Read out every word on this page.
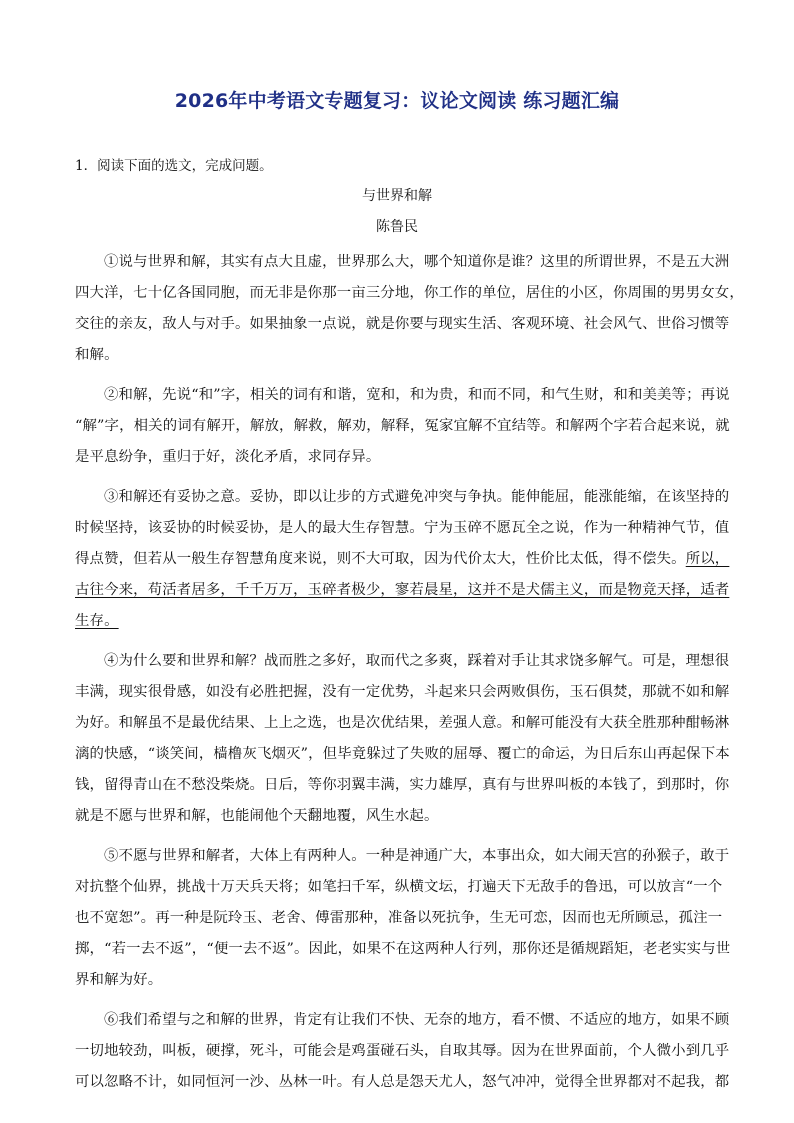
2026年中考语文专题复习：议论文阅读 练习题汇编
1．阅读下面的选文，完成问题。
与世界和解
陈鲁民
①说与世界和解，其实有点大且虚，世界那么大，哪个知道你是谁？这里的所谓世界，不是五大洲
四大洋，七十亿各国同胞，而无非是你那一亩三分地，你工作的单位，居住的小区，你周围的男男女女，
交往的亲友，敌人与对手。如果抽象一点说，就是你要与现实生活、客观环境、社会风气、世俗习惯等
和解。
②和解，先说“和”字，相关的词有和谐，宽和，和为贵，和而不同，和气生财，和和美美等；再说
“解”字，相关的词有解开，解放，解救，解劝，解释，冤家宜解不宜结等。和解两个字若合起来说，就
是平息纷争，重归于好，淡化矛盾，求同存异。
③和解还有妥协之意。妥协，即以让步的方式避免冲突与争执。能伸能屈，能涨能缩，在该坚持的
时候坚持，该妥协的时候妥协，是人的最大生存智慧。宁为玉碎不愿瓦全之说，作为一种精神气节，值
得点赞，但若从一般生存智慧角度来说，则不大可取，因为代价太大，性价比太低，得不偿失。所以，
古往今来，苟活者居多，千千万万，玉碎者极少，寥若晨星，这并不是犬儒主义，而是物竞天择，适者
生存。
④为什么要和世界和解？战而胜之多好，取而代之多爽，踩着对手让其求饶多解气。可是，理想很
丰满，现实很骨感，如没有必胜把握，没有一定优势，斗起来只会两败俱伤，玉石俱焚，那就不如和解
为好。和解虽不是最优结果、上上之选，也是次优结果，差强人意。和解可能没有大获全胜那种酣畅淋
漓的快感，“谈笑间，樯橹灰飞烟灭”，但毕竟躲过了失败的屈辱、覆亡的命运，为日后东山再起保下本
钱，留得青山在不愁没柴烧。日后，等你羽翼丰满，实力雄厚，真有与世界叫板的本钱了，到那时，你
就是不愿与世界和解，也能闹他个天翻地覆，风生水起。
⑤不愿与世界和解者，大体上有两种人。一种是神通广大，本事出众，如大闹天宫的孙猴子，敢于
对抗整个仙界，挑战十万天兵天将；如笔扫千军，纵横文坛，打遍天下无敌手的鲁迅，可以放言“一个
也不宽恕”。再一种是阮玲玉、老舍、傅雷那种，准备以死抗争，生无可恋，因而也无所顾忌，孤注一
掷，“若一去不返”，“便一去不返”。因此，如果不在这两种人行列，那你还是循规蹈矩，老老实实与世
界和解为好。
⑥我们希望与之和解的世界，肯定有让我们不快、无奈的地方，看不惯、不适应的地方，如果不顾
一切地较劲，叫板，硬撑，死斗，可能会是鸡蛋碰石头，自取其辱。因为在世界面前，个人微小到几乎
可以忽略不计，如同恒河一沙、丛林一叶。有人总是怨天尤人，怒气冲冲，觉得全世界都对不起我，都
